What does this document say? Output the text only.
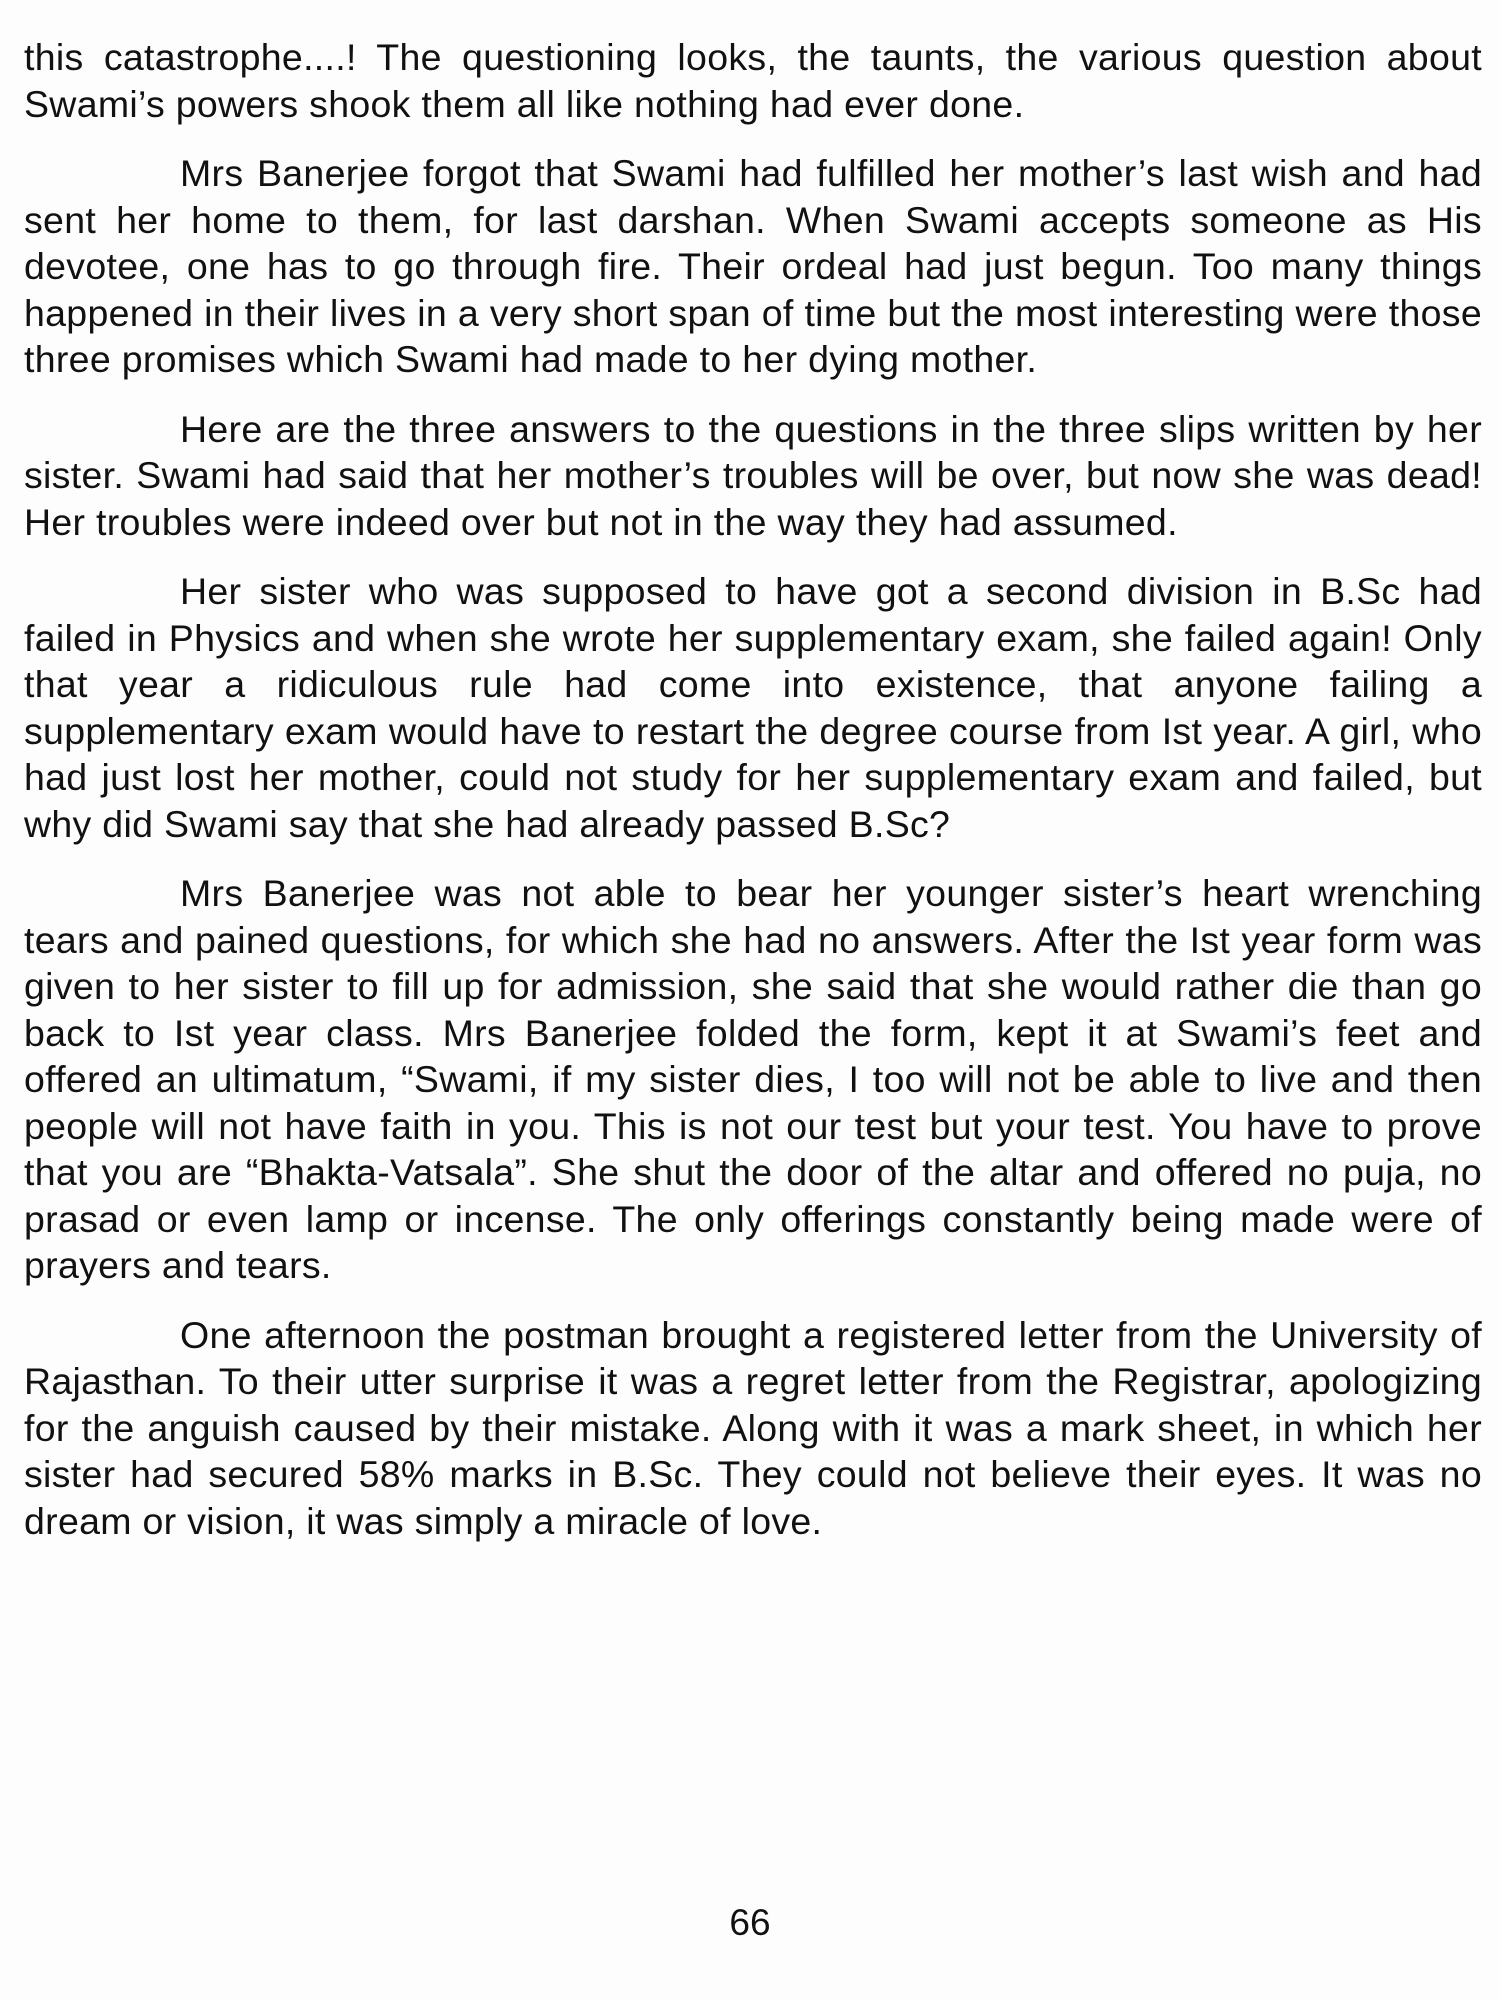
this catastrophe....! The questioning looks, the taunts, the various question about Swami’s powers shook them all like nothing had ever done.

Mrs Banerjee forgot that Swami had fulfilled her mother’s last wish and had sent her home to them, for last darshan. When Swami accepts someone as His devotee, one has to go through fire. Their ordeal had just begun. Too many things happened in their lives in a very short span of time but the most interesting were those three promises which Swami had made to her dying mother.

Here are the three answers to the questions in the three slips written by her sister. Swami had said that her mother’s troubles will be over, but now she was dead! Her troubles were indeed over but not in the way they had assumed.

Her sister who was supposed to have got a second division in B.Sc had failed in Physics and when she wrote her supplementary exam, she failed again! Only that year a ridiculous rule had come into existence, that anyone failing a supplementary exam would have to restart the degree course from Ist year. A girl, who had just lost her mother, could not study for her supplementary exam and failed, but why did Swami say that she had already passed B.Sc?

Mrs Banerjee was not able to bear her younger sister’s heart wrenching tears and pained questions, for which she had no answers. After the Ist year form was given to her sister to fill up for admission, she said that she would rather die than go back to Ist year class. Mrs Banerjee folded the form, kept it at Swami’s feet and offered an ultimatum, “Swami, if my sister dies, I too will not be able to live and then people will not have faith in you. This is not our test but your test. You have to prove that you are “Bhakta-Vatsala”. She shut the door of the altar and offered no puja, no prasad or even lamp or incense. The only offerings constantly being made were of prayers and tears.

One afternoon the postman brought a registered letter from the University of Rajasthan. To their utter surprise it was a regret letter from the Registrar, apologizing for the anguish caused by their mistake. Along with it was a mark sheet, in which her sister had secured 58% marks in B.Sc. They could not believe their eyes. It was no dream or vision, it was simply a miracle of love.

66
